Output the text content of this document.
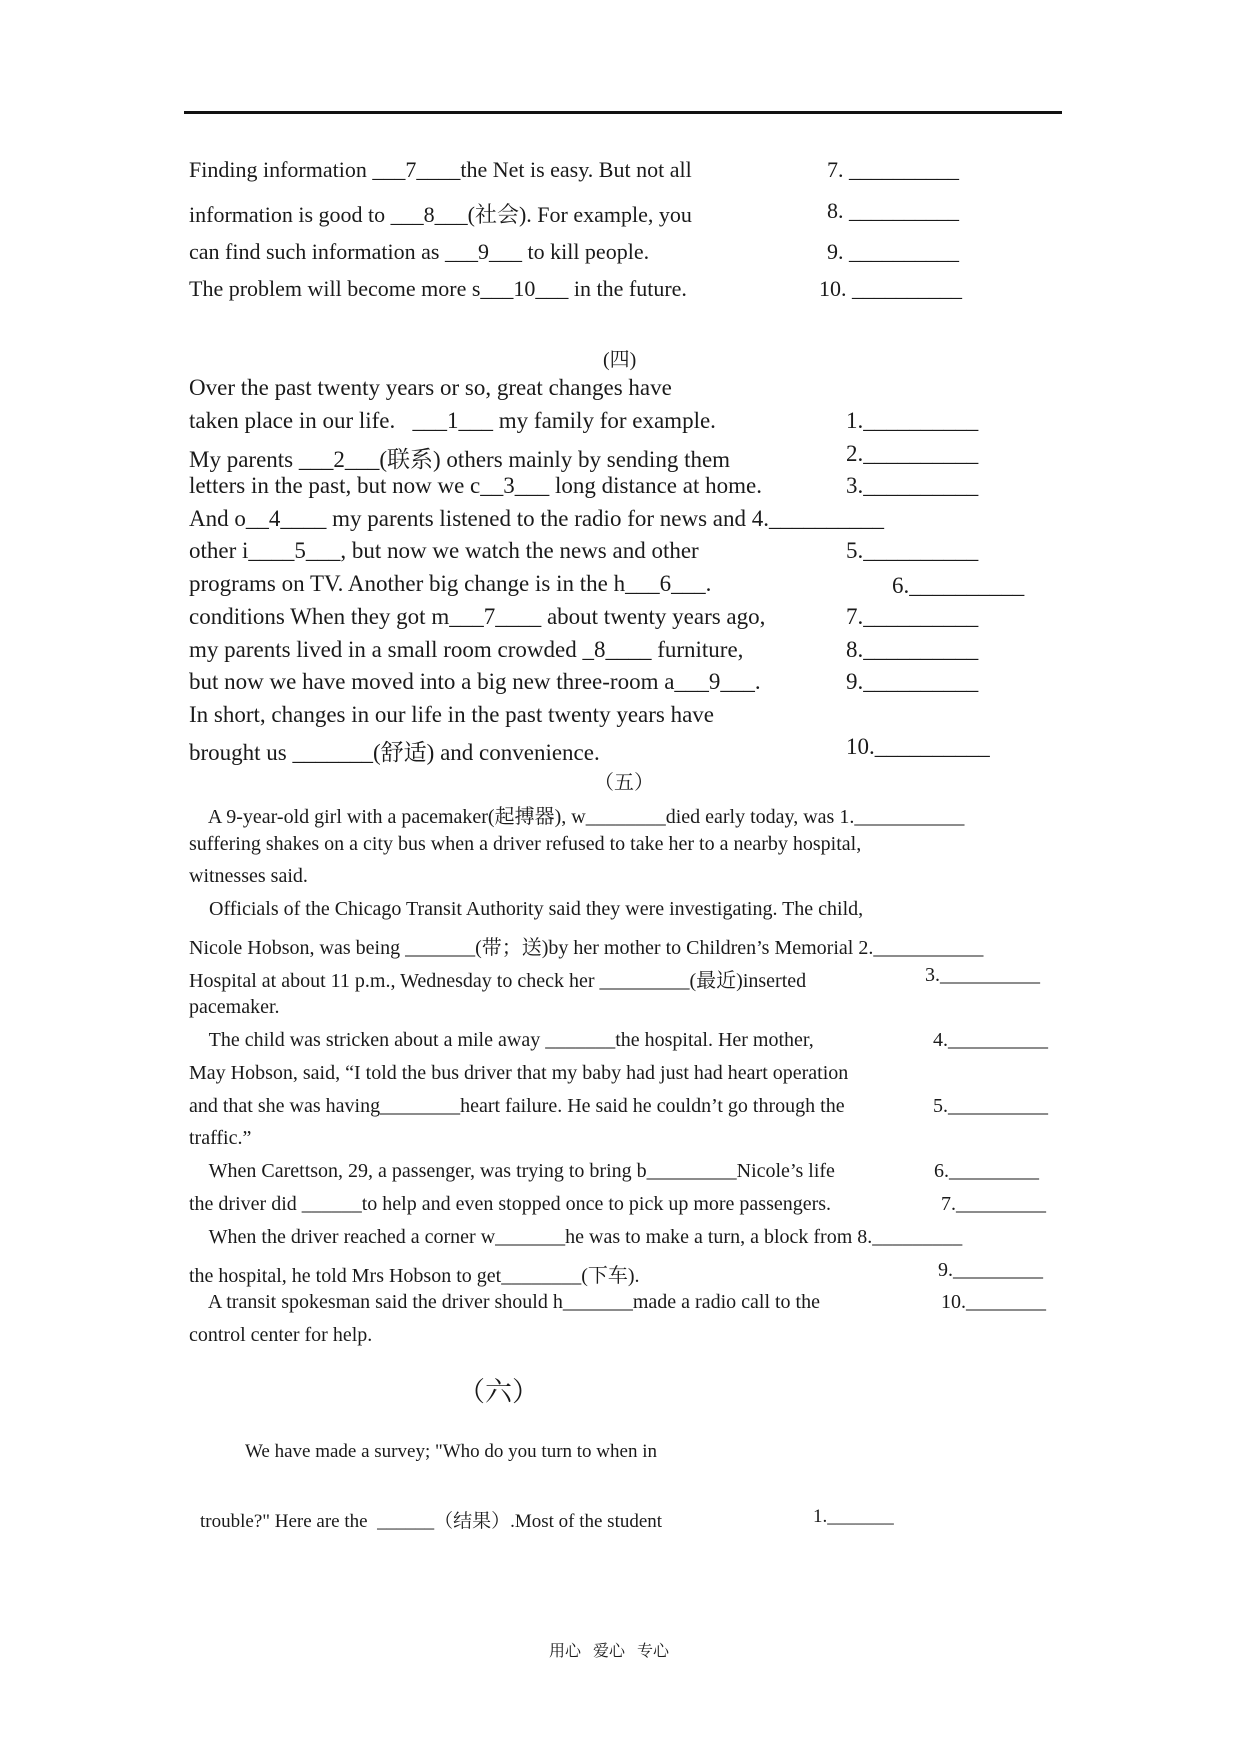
Finding information ___7____the Net is easy. But not all	7. __________
information is good to ___8___(社会). For example, you	8. __________
can find such information as ___9___ to kill people.	9. __________
The problem will become more s___10___ in the future.	10. __________
(四)
Over the past twenty years or so, great changes have
taken place in our life.   ___1___ my family for example.	1.__________
My parents ___2___(联系) others mainly by sending them	2.__________
letters in the past, but now we c__3___ long distance at home.	3.__________
And o__4____ my parents listened to the radio for news and 4.__________
other i____5___, but now we watch the news and other	5.__________
programs on TV. Another big change is in the h___6___.	6.__________
conditions When they got m___7____ about twenty years ago,	7.__________
my parents lived in a small room crowded _8____ furniture,	8.__________
but now we have moved into a big new three-room a___9___.	9.__________
In short, changes in our life in the past twenty years have
brought us _______(舒适) and convenience.	10.__________
（五）
A 9-year-old girl with a pacemaker(起搏器), w________died early today, was 1.___________
suffering shakes on a city bus when a driver refused to take her to a nearby hospital,
witnesses said.
Officials of the Chicago Transit Authority said they were investigating. The child,
Nicole Hobson, was being _______(带；送)by her mother to Children’s Memorial 2.___________
Hospital at about 11 p.m., Wednesday to check her _________(最近)inserted	3.__________
pacemaker.
The child was stricken about a mile away _______the hospital. Her mother,	4.__________
May Hobson, said, “I told the bus driver that my baby had just had heart operation
and that she was having________heart failure. He said he couldn’t go through the	5.__________
traffic.”
When Carettson, 29, a passenger, was trying to bring b_________Nicole’s life	6._________
the driver did ______to help and even stopped once to pick up more passengers.	7._________
When the driver reached a corner w_______he was to make a turn, a block from 8._________
the hospital, he told Mrs Hobson to get________(下车).	9._________
A transit spokesman said the driver should h_______made a radio call to the	10.________
control center for help.
（六）
We have made a survey; "Who do you turn to when in
trouble?" Here are the  ______（结果）.Most of the student	1._______
用心   爱心   专心
